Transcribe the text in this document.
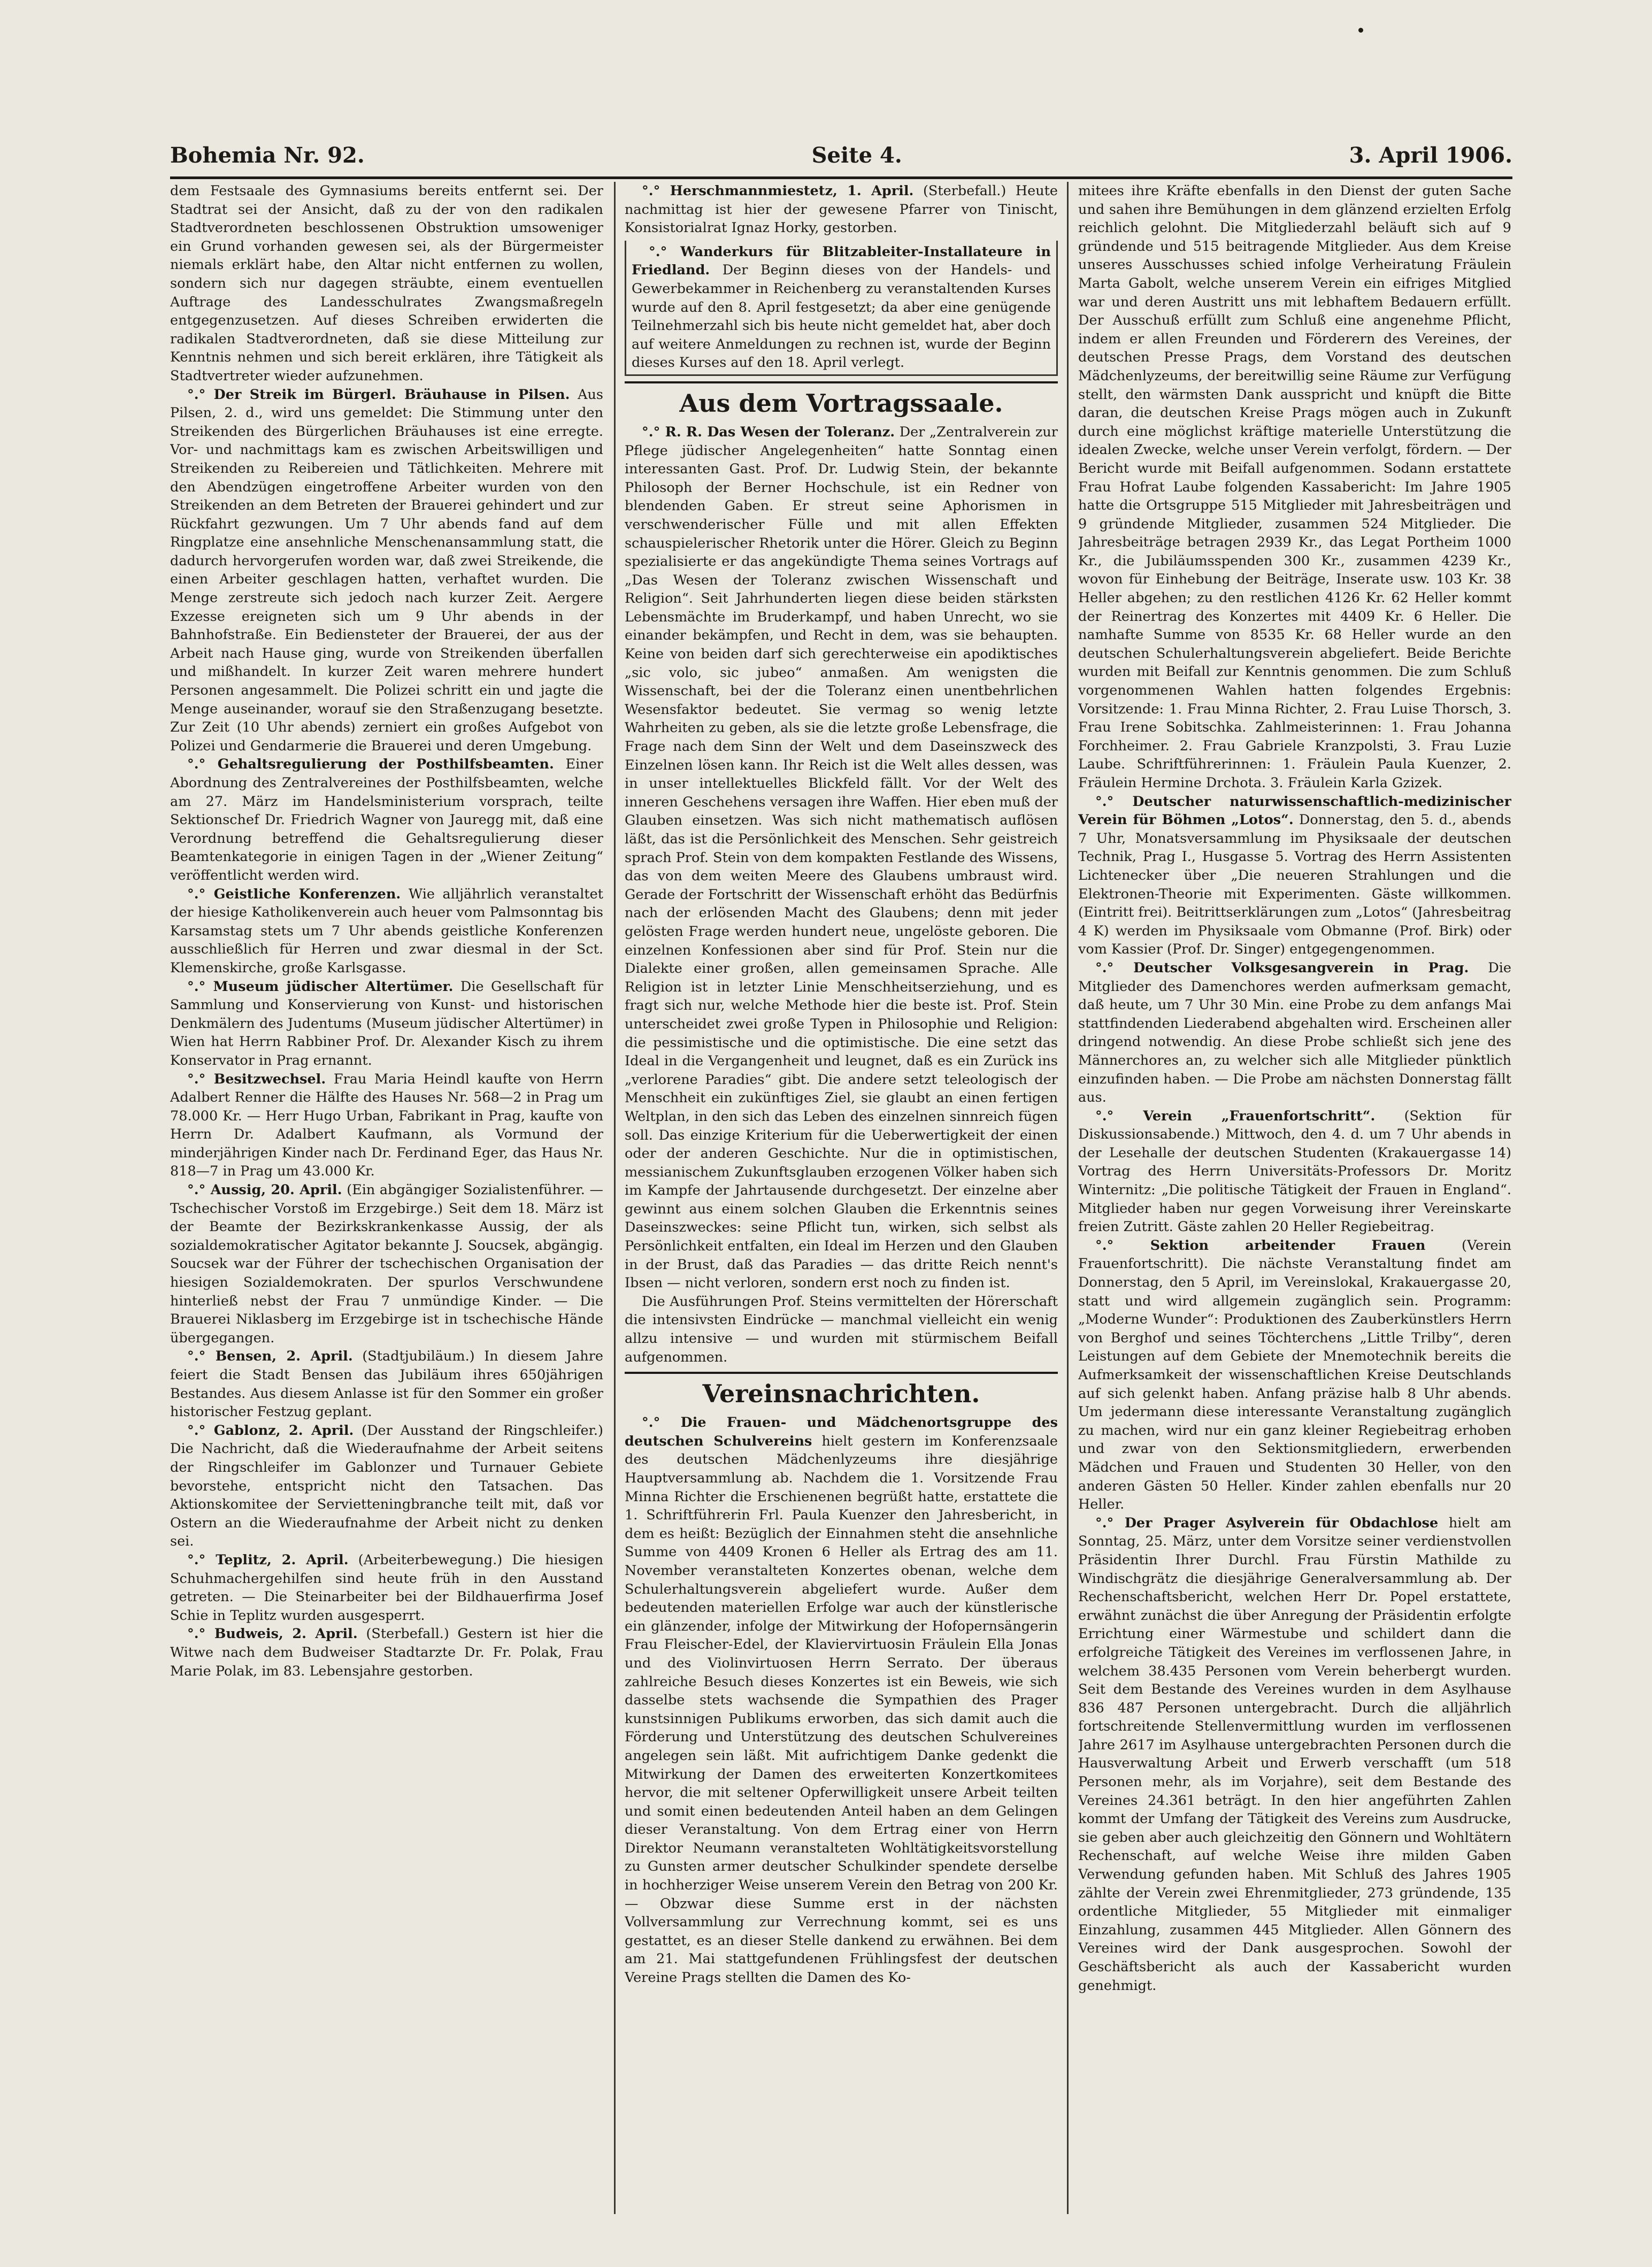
Bohemia Nr. 92.	Seite 4.	3. April 1906.

dem Festsaale des Gymnasiums bereits entfernt sei. Der Stadtrat sei der Ansicht, daß zu der von den radikalen Stadtverordneten beschlossenen Obstruktion umsoweniger ein Grund vorhanden gewesen sei, als der Bürgermeister niemals erklärt habe, den Altar nicht entfernen zu wollen, sondern sich nur dagegen sträubte, einem eventuellen Auftrage des Landesschulrates Zwangsmaßregeln entgegenzusetzen. Auf dieses Schreiben erwiderten die radikalen Stadtverordneten, daß sie diese Mitteilung zur Kenntnis nehmen und sich bereit erklären, ihre Tätigkeit als Stadtvertreter wieder aufzunehmen.

°.° Der Streik im Bürgerl. Bräuhause in Pilsen. Aus Pilsen, 2. d., wird uns gemeldet: Die Stimmung unter den Streikenden des Bürgerlichen Bräuhauses ist eine erregte. Vor- und nachmittags kam es zwischen Arbeitswilligen und Streikenden zu Reibereien und Tätlichkeiten. Mehrere mit den Abendzügen eingetroffene Arbeiter wurden von den Streikenden an dem Betreten der Brauerei gehindert und zur Rückfahrt gezwungen. Um 7 Uhr abends fand auf dem Ringplatze eine ansehnliche Menschenansammlung statt, die dadurch hervorgerufen worden war, daß zwei Streikende, die einen Arbeiter geschlagen hatten, verhaftet wurden. Die Menge zerstreute sich jedoch nach kurzer Zeit. Aergere Exzesse ereigneten sich um 9 Uhr abends in der Bahnhofstraße. Ein Bediensteter der Brauerei, der aus der Arbeit nach Hause ging, wurde von Streikenden überfallen und mißhandelt. In kurzer Zeit waren mehrere hundert Personen angesammelt. Die Polizei schritt ein und jagte die Menge auseinander, worauf sie den Straßenzugang besetzte. Zur Zeit (10 Uhr abends) zerniert ein großes Aufgebot von Polizei und Gendarmerie die Brauerei und deren Umgebung.

°.° Gehaltsregulierung der Posthilfsbeamten. Einer Abordnung des Zentralvereines der Posthilfsbeamten, welche am 27. März im Handelsministerium vorsprach, teilte Sektionschef Dr. Friedrich Wagner von Jauregg mit, daß eine Verordnung betreffend die Gehaltsregulierung dieser Beamtenkategorie in einigen Tagen in der „Wiener Zeitung“ veröffentlicht werden wird.

°.° Geistliche Konferenzen. Wie alljährlich veranstaltet der hiesige Katholikenverein auch heuer vom Palmsonntag bis Karsamstag stets um 7 Uhr abends geistliche Konferenzen ausschließlich für Herren und zwar diesmal in der Sct. Klemenskirche, große Karlsgasse.

°.° Museum jüdischer Altertümer. Die Gesellschaft für Sammlung und Konservierung von Kunst- und historischen Denkmälern des Judentums (Museum jüdischer Altertümer) in Wien hat Herrn Rabbiner Prof. Dr. Alexander Kisch zu ihrem Konservator in Prag ernannt.

°.° Besitzwechsel. Frau Maria Heindl kaufte von Herrn Adalbert Renner die Hälfte des Hauses Nr. 568—2 in Prag um 78.000 Kr. — Herr Hugo Urban, Fabrikant in Prag, kaufte von Herrn Dr. Adalbert Kaufmann, als Vormund der minderjährigen Kinder nach Dr. Ferdinand Eger, das Haus Nr. 818—7 in Prag um 43.000 Kr.

°.° Aussig, 20. April. (Ein abgängiger Sozialistenführer. — Tschechischer Vorstoß im Erzgebirge.) Seit dem 18. März ist der Beamte der Bezirkskrankenkasse Aussig, der als sozialdemokratischer Agitator bekannte J. Soucsek, abgängig. Soucsek war der Führer der tschechischen Organisation der hiesigen Sozialdemokraten. Der spurlos Verschwundene hinterließ nebst der Frau 7 unmündige Kinder. — Die Brauerei Niklasberg im Erzgebirge ist in tschechische Hände übergegangen.

°.° Bensen, 2. April. (Stadtjubiläum.) In diesem Jahre feiert die Stadt Bensen das Jubiläum ihres 650jährigen Bestandes. Aus diesem Anlasse ist für den Sommer ein großer historischer Festzug geplant.

°.° Gablonz, 2. April. (Der Ausstand der Ringschleifer.) Die Nachricht, daß die Wiederaufnahme der Arbeit seitens der Ringschleifer im Gablonzer und Turnauer Gebiete bevorstehe, entspricht nicht den Tatsachen. Das Aktionskomitee der Servietteningbranche teilt mit, daß vor Ostern an die Wiederaufnahme der Arbeit nicht zu denken sei.

°.° Teplitz, 2. April. (Arbeiterbewegung.) Die hiesigen Schuhmachergehilfen sind heute früh in den Ausstand getreten. — Die Steinarbeiter bei der Bildhauerfirma Josef Schie in Teplitz wurden ausgesperrt.

°.° Budweis, 2. April. (Sterbefall.) Gestern ist hier die Witwe nach dem Budweiser Stadtarzte Dr. Fr. Polak, Frau Marie Polak, im 83. Lebensjahre gestorben.

°.° Herschmannmiestetz, 1. April. (Sterbefall.) Heute nachmittag ist hier der gewesene Pfarrer von Tinischt, Konsistorialrat Ignaz Horky, gestorben.

°.° Wanderkurs für Blitzableiter-Installateure in Friedland. Der Beginn dieses von der Handels- und Gewerbekammer in Reichenberg zu veranstaltenden Kurses wurde auf den 8. April festgesetzt; da aber eine genügende Teilnehmerzahl sich bis heute nicht gemeldet hat, aber doch auf weitere Anmeldungen zu rechnen ist, wurde der Beginn dieses Kurses auf den 18. April verlegt.

Aus dem Vortragssaale.

°.° R. R. Das Wesen der Toleranz. Der „Zentralverein zur Pflege jüdischer Angelegenheiten“ hatte Sonntag einen interessanten Gast. Prof. Dr. Ludwig Stein, der bekannte Philosoph der Berner Hochschule, ist ein Redner von blendenden Gaben. Er streut seine Aphorismen in verschwenderischer Fülle und mit allen Effekten schauspielerischer Rhetorik unter die Hörer. Gleich zu Beginn spezialisierte er das angekündigte Thema seines Vortrags auf „Das Wesen der Toleranz zwischen Wissenschaft und Religion“. Seit Jahrhunderten liegen diese beiden stärksten Lebensmächte im Bruderkampf, und haben Unrecht, wo sie einander bekämpfen, und Recht in dem, was sie behaupten. Keine von beiden darf sich gerechterweise ein apodiktisches „sic volo, sic jubeo“ anmaßen. Am wenigsten die Wissenschaft, bei der die Toleranz einen unentbehrlichen Wesensfaktor bedeutet. Sie vermag so wenig letzte Wahrheiten zu geben, als sie die letzte große Lebensfrage, die Frage nach dem Sinn der Welt und dem Daseinszweck des Einzelnen lösen kann. Ihr Reich ist die Welt alles dessen, was in unser intellektuelles Blickfeld fällt. Vor der Welt des inneren Geschehens versagen ihre Waffen. Hier eben muß der Glauben einsetzen. Was sich nicht mathematisch auflösen läßt, das ist die Persönlichkeit des Menschen. Sehr geistreich sprach Prof. Stein von dem kompakten Festlande des Wissens, das von dem weiten Meere des Glaubens umbraust wird. Gerade der Fortschritt der Wissenschaft erhöht das Bedürfnis nach der erlösenden Macht des Glaubens; denn mit jeder gelösten Frage werden hundert neue, ungelöste geboren. Die einzelnen Konfessionen aber sind für Prof. Stein nur die Dialekte einer großen, allen gemeinsamen Sprache. Alle Religion ist in letzter Linie Menschheitserziehung, und es fragt sich nur, welche Methode hier die beste ist. Prof. Stein unterscheidet zwei große Typen in Philosophie und Religion: die pessimistische und die optimistische. Die eine setzt das Ideal in die Vergangenheit und leugnet, daß es ein Zurück ins „verlorene Paradies“ gibt. Die andere setzt teleologisch der Menschheit ein zukünftiges Ziel, sie glaubt an einen fertigen Weltplan, in den sich das Leben des einzelnen sinnreich fügen soll. Das einzige Kriterium für die Ueberwertigkeit der einen oder der anderen Geschichte. Nur die in optimistischen, messianischem Zukunftsglauben erzogenen Völker haben sich im Kampfe der Jahrtausende durchgesetzt. Der einzelne aber gewinnt aus einem solchen Glauben die Erkenntnis seines Daseinszweckes: seine Pflicht tun, wirken, sich selbst als Persönlichkeit entfalten, ein Ideal im Herzen und den Glauben in der Brust, daß das Paradies — das dritte Reich nennt's Ibsen — nicht verloren, sondern erst noch zu finden ist.

Die Ausführungen Prof. Steins vermittelten der Hörerschaft die intensivsten Eindrücke — manchmal vielleicht ein wenig allzu intensive — und wurden mit stürmischem Beifall aufgenommen.

Vereinsnachrichten.

°.° Die Frauen- und Mädchenortsgruppe des deutschen Schulvereins hielt gestern im Konferenzsaale des deutschen Mädchenlyzeums ihre diesjährige Hauptversammlung ab. Nachdem die 1. Vorsitzende Frau Minna Richter die Erschienenen begrüßt hatte, erstattete die 1. Schriftführerin Frl. Paula Kuenzer den Jahresbericht, in dem es heißt: Bezüglich der Einnahmen steht die ansehnliche Summe von 4409 Kronen 6 Heller als Ertrag des am 11. November veranstalteten Konzertes obenan, welche dem Schulerhaltungsverein abgeliefert wurde. Außer dem bedeutenden materiellen Erfolge war auch der künstlerische ein glänzender, infolge der Mitwirkung der Hofopernsängerin Frau Fleischer-Edel, der Klaviervirtuosin Fräulein Ella Jonas und des Violinvirtuosen Herrn Serrato. Der überaus zahlreiche Besuch dieses Konzertes ist ein Beweis, wie sich dasselbe stets wachsende die Sympathien des Prager kunstsinnigen Publikums erworben, das sich damit auch die Förderung und Unterstützung des deutschen Schulvereines angelegen sein läßt. Mit aufrichtigem Danke gedenkt die Mitwirkung der Damen des erweiterten Konzertkomitees hervor, die mit seltener Opferwilligkeit unsere Arbeit teilten und somit einen bedeutenden Anteil haben an dem Gelingen dieser Veranstaltung. Von dem Ertrag einer von Herrn Direktor Neumann veranstalteten Wohltätigkeitsvorstellung zu Gunsten armer deutscher Schulkinder spendete derselbe in hochherziger Weise unserem Verein den Betrag von 200 Kr. — Obzwar diese Summe erst in der nächsten Vollversammlung zur Verrechnung kommt, sei es uns gestattet, es an dieser Stelle dankend zu erwähnen. Bei dem am 21. Mai stattgefundenen Frühlingsfest der deutschen Vereine Prags stellten die Damen des Ko-

mitees ihre Kräfte ebenfalls in den Dienst der guten Sache und sahen ihre Bemühungen in dem glänzend erzielten Erfolg reichlich gelohnt. Die Mitgliederzahl beläuft sich auf 9 gründende und 515 beitragende Mitglieder. Aus dem Kreise unseres Ausschusses schied infolge Verheiratung Fräulein Marta Gabolt, welche unserem Verein ein eifriges Mitglied war und deren Austritt uns mit lebhaftem Bedauern erfüllt. Der Ausschuß erfüllt zum Schluß eine angenehme Pflicht, indem er allen Freunden und Förderern des Vereines, der deutschen Presse Prags, dem Vorstand des deutschen Mädchenlyzeums, der bereitwillig seine Räume zur Verfügung stellt, den wärmsten Dank ausspricht und knüpft die Bitte daran, die deutschen Kreise Prags mögen auch in Zukunft durch eine möglichst kräftige materielle Unterstützung die idealen Zwecke, welche unser Verein verfolgt, fördern. — Der Bericht wurde mit Beifall aufgenommen. Sodann erstattete Frau Hofrat Laube folgenden Kassabericht: Im Jahre 1905 hatte die Ortsgruppe 515 Mitglieder mit Jahresbeiträgen und 9 gründende Mitglieder, zusammen 524 Mitglieder. Die Jahresbeiträge betragen 2939 Kr., das Legat Portheim 1000 Kr., die Jubiläumsspenden 300 Kr., zusammen 4239 Kr., wovon für Einhebung der Beiträge, Inserate usw. 103 Kr. 38 Heller abgehen; zu den restlichen 4126 Kr. 62 Heller kommt der Reinertrag des Konzertes mit 4409 Kr. 6 Heller. Die namhafte Summe von 8535 Kr. 68 Heller wurde an den deutschen Schulerhaltungsverein abgeliefert. Beide Berichte wurden mit Beifall zur Kenntnis genommen. Die zum Schluß vorgenommenen Wahlen hatten folgendes Ergebnis: Vorsitzende: 1. Frau Minna Richter, 2. Frau Luise Thorsch, 3. Frau Irene Sobitschka. Zahlmeisterinnen: 1. Frau Johanna Forchheimer. 2. Frau Gabriele Kranzpolsti, 3. Frau Luzie Laube. Schriftführerinnen: 1. Fräulein Paula Kuenzer, 2. Fräulein Hermine Drchota. 3. Fräulein Karla Gzizek.

°.° Deutscher naturwissenschaftlich-medizinischer Verein für Böhmen „Lotos“. Donnerstag, den 5. d., abends 7 Uhr, Monatsversammlung im Physiksaale der deutschen Technik, Prag I., Husgasse 5. Vortrag des Herrn Assistenten Lichtenecker über „Die neueren Strahlungen und die Elektronen-Theorie mit Experimenten. Gäste willkommen. (Eintritt frei). Beitrittserklärungen zum „Lotos“ (Jahresbeitrag 4 K) werden im Physiksaale vom Obmanne (Prof. Birk) oder vom Kassier (Prof. Dr. Singer) entgegengenommen.

°.° Deutscher Volksgesangverein in Prag. Die Mitglieder des Damenchores werden aufmerksam gemacht, daß heute, um 7 Uhr 30 Min. eine Probe zu dem anfangs Mai stattfindenden Liederabend abgehalten wird. Erscheinen aller dringend notwendig. An diese Probe schließt sich jene des Männerchores an, zu welcher sich alle Mitglieder pünktlich einzufinden haben. — Die Probe am nächsten Donnerstag fällt aus.

°.° Verein „Frauenfortschritt“. (Sektion für Diskussionsabende.) Mittwoch, den 4. d. um 7 Uhr abends in der Lesehalle der deutschen Studenten (Krakauergasse 14) Vortrag des Herrn Universitäts-Professors Dr. Moritz Winternitz: „Die politische Tätigkeit der Frauen in England“. Mitglieder haben nur gegen Vorweisung ihrer Vereinskarte freien Zutritt. Gäste zahlen 20 Heller Regiebeitrag.

°.° Sektion arbeitender Frauen	(Verein Frauenfortschritt). Die nächste Veranstaltung findet am Donnerstag, den 5 April, im Vereinslokal, Krakauergasse 20, statt und wird allgemein zugänglich sein. Programm: „Moderne Wunder“: Produktionen des Zauberkünstlers Herrn von Berghof und seines Töchterchens „Little Trilby“, deren Leistungen auf dem Gebiete der Mnemotechnik bereits die Aufmerksamkeit der wissenschaftlichen Kreise Deutschlands auf sich gelenkt haben. Anfang präzise halb 8 Uhr abends. Um jedermann diese interessante Veranstaltung zugänglich zu machen, wird nur ein ganz kleiner Regiebeitrag erhoben und zwar von den Sektionsmitgliedern, erwerbenden Mädchen und Frauen und Studenten 30 Heller, von den anderen Gästen 50 Heller. Kinder zahlen ebenfalls nur 20 Heller.

°.° Der Prager Asylverein für Obdachlose hielt am Sonntag, 25. März, unter dem Vorsitze seiner verdienstvollen Präsidentin Ihrer Durchl. Frau Fürstin Mathilde zu Windischgrätz die diesjährige Generalversammlung ab. Der Rechenschaftsbericht, welchen Herr Dr. Popel erstattete, erwähnt zunächst die über Anregung der Präsidentin erfolgte Errichtung einer Wärmestube und schildert dann die erfolgreiche Tätigkeit des Vereines im verflossenen Jahre, in welchem 38.435 Personen vom Verein beherbergt wurden. Seit dem Bestande des Vereines wurden in dem Asylhause 836 487 Personen untergebracht. Durch die alljährlich fortschreitende Stellenvermittlung wurden im verflossenen Jahre 2617 im Asylhause untergebrachten Personen durch die Hausverwaltung Arbeit und Erwerb verschafft (um 518 Personen mehr, als im Vorjahre), seit dem Bestande des Vereines 24.361 beträgt. In den hier angeführten Zahlen kommt der Umfang der Tätigkeit des Vereins zum Ausdrucke, sie geben aber auch gleichzeitig den Gönnern und Wohltätern Rechenschaft, auf welche Weise ihre milden Gaben Verwendung gefunden haben. Mit Schluß des Jahres 1905 zählte der Verein zwei Ehrenmitglieder, 273 gründende, 135 ordentliche Mitglieder, 55 Mitglieder mit einmaliger Einzahlung, zusammen 445 Mitglieder. Allen Gönnern des Vereines wird der Dank ausgesprochen. Sowohl der Geschäftsbericht als auch der Kassabericht wurden genehmigt.
